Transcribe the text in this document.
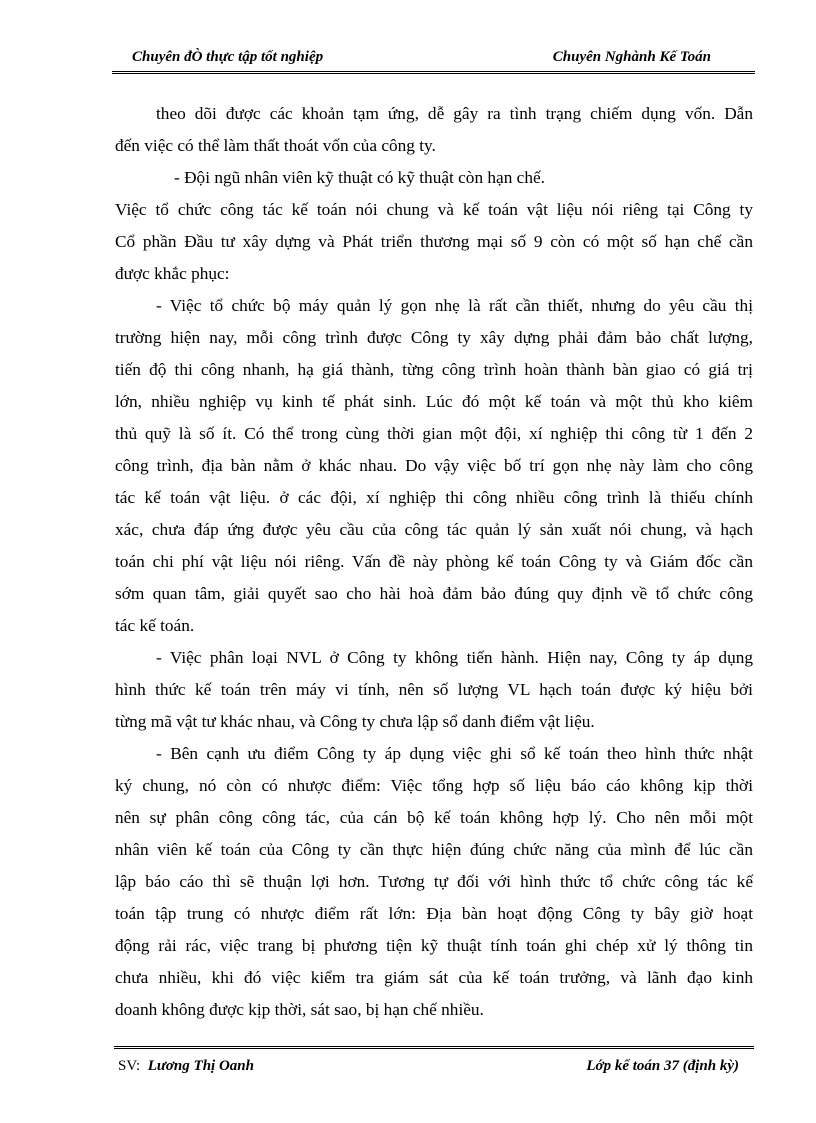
Chuyên đÒ thực tập tốt nghiệp	Chuyên Nghành Kế Toán
theo dõi được các khoản tạm ứng, dễ gây ra tình trạng chiếm dụng vốn. Dẫn
đến việc có thể làm thất thoát vốn của công ty.
- Đội ngũ nhân viên kỹ thuật có kỹ thuật còn hạn chế.
Việc tổ chức công tác kế toán nói chung và kế toán vật liệu nói riêng tại Công ty
Cổ phần Đầu tư xây dựng và Phát triển thương mại số 9 còn có một số hạn chế cần
được khắc phục:
- Việc tổ chức bộ máy quản lý gọn nhẹ là rất cần thiết, nhưng do yêu cầu thị
trường hiện nay, mỗi công trình được Công ty xây dựng phải đảm bảo chất lượng,
tiến độ thi công nhanh, hạ giá thành, từng công trình hoàn thành bàn giao có giá trị
lớn, nhiều nghiệp vụ kinh tế phát sinh. Lúc đó một kế toán và một thủ kho kiêm
thủ quỹ là số ít. Có thể trong cùng thời gian một đội, xí nghiệp thi công từ 1 đến 2
công trình, địa bàn nằm ở khác nhau. Do vậy việc bố trí gọn nhẹ này làm cho công
tác kế toán vật liệu. ở các đội, xí nghiệp thi công nhiều công trình là thiếu chính
xác, chưa đáp ứng được yêu cầu của công tác quản lý sản xuất nói chung, và hạch
toán chi phí vật liệu nói riêng. Vấn đề này phòng kế toán Công ty và Giám đốc cần
sớm quan tâm, giải quyết sao cho hài hoà đảm bảo đúng quy định về tổ chức công
tác kế toán.
- Việc phân loại NVL ở Công ty không tiến hành. Hiện nay, Công ty áp dụng
hình thức kế toán trên máy vi tính, nên số lượng VL hạch toán được ký hiệu bởi
từng mã vật tư khác nhau, và Công ty chưa lập sổ danh điểm vật liệu.
- Bên cạnh ưu điểm Công ty áp dụng việc ghi sổ kế toán theo hình thức nhật
ký chung, nó còn có nhược điểm: Việc tổng hợp số liệu báo cáo không kịp thời
nên sự phân công công tác, của cán bộ kế toán không hợp lý. Cho nên mỗi một
nhân viên kế toán của Công ty cần thực hiện đúng chức năng của mình để lúc cần
lập báo cáo thì sẽ thuận lợi hơn. Tương tự đối với hình thức tổ chức công tác kế
toán tập trung có nhược điểm rất lớn: Địa bàn hoạt động Công ty bây giờ hoạt
động rải rác, việc trang bị phương tiện kỹ thuật tính toán ghi chép xử lý thông tin
chưa nhiều, khi đó việc kiểm tra giám sát của kế toán trưởng, và lãnh đạo kinh
doanh không được kịp thời, sát sao, bị hạn chế nhiều.
SV: Lương Thị Oanh	Lớp kế toán 37 (định kỳ)
